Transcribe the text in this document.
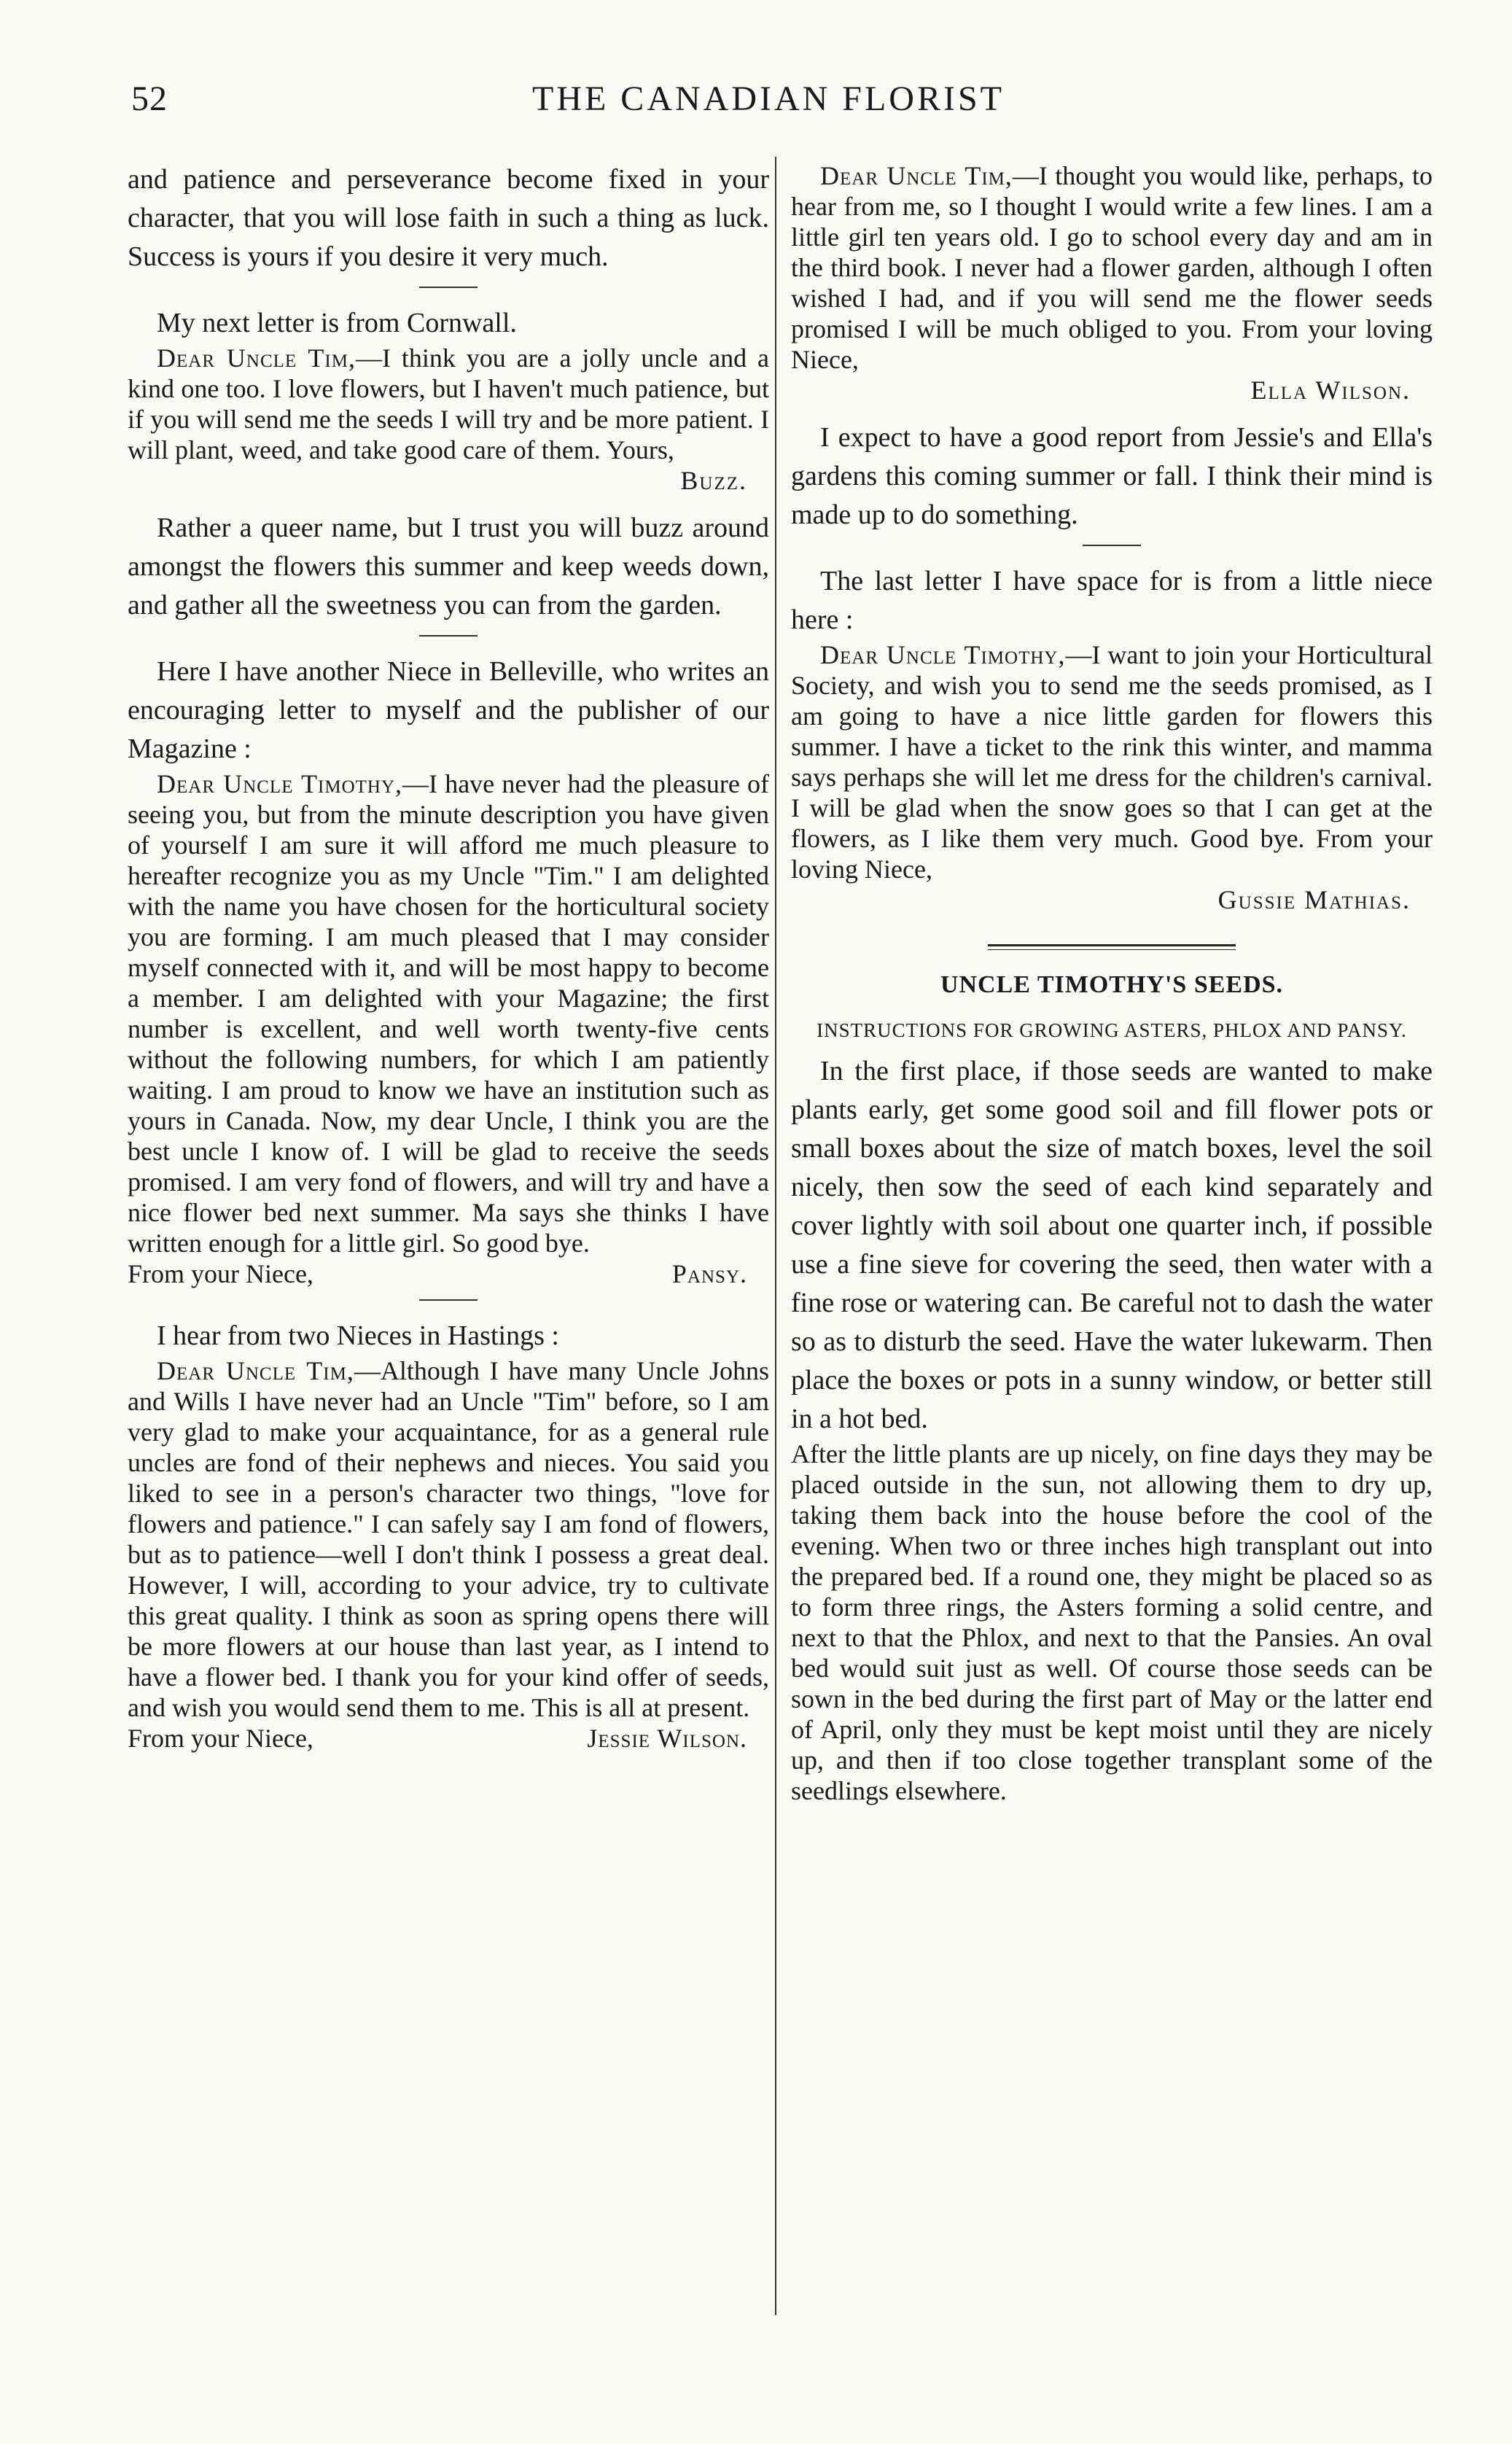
52	THE CANADIAN FLORIST

and patience and perseverance become fixed in your character, that you will lose faith in such a thing as luck. Success is yours if you desire it very much.

My next letter is from Cornwall.

Dear Uncle Tim,—I think you are a jolly uncle and a kind one too. I love flowers, but I haven't much patience, but if you will send me the seeds I will try and be more patient. I will plant, weed, and take good care of them. Yours,

Buzz.

Rather a queer name, but I trust you will buzz around amongst the flowers this summer and keep weeds down, and gather all the sweetness you can from the garden.

Here I have another Niece in Belleville, who writes an encouraging letter to myself and the publisher of our Magazine :

Dear Uncle Timothy,—I have never had the pleasure of seeing you, but from the minute description you have given of yourself I am sure it will afford me much pleasure to hereafter recognize you as my Uncle "Tim." I am delighted with the name you have chosen for the horticultural society you are forming. I am much pleased that I may consider myself connected with it, and will be most happy to become a member. I am delighted with your Magazine; the first number is excellent, and well worth twenty-five cents without the following numbers, for which I am patiently waiting. I am proud to know we have an institution such as yours in Canada. Now, my dear Uncle, I think you are the best uncle I know of. I will be glad to receive the seeds promised. I am very fond of flowers, and will try and have a nice flower bed next summer. Ma says she thinks I have written enough for a little girl. So good bye.

From your Niece,	Pansy.

I hear from two Nieces in Hastings :

Dear Uncle Tim,—Although I have many Uncle Johns and Wills I have never had an Uncle "Tim" before, so I am very glad to make your acquaintance, for as a general rule uncles are fond of their nephews and nieces. You said you liked to see in a person's character two things, "love for flowers and patience." I can safely say I am fond of flowers, but as to patience—well I don't think I possess a great deal. However, I will, according to your advice, try to cultivate this great quality. I think as soon as spring opens there will be more flowers at our house than last year, as I intend to have a flower bed. I thank you for your kind offer of seeds, and wish you would send them to me. This is all at present.

From your Niece,	Jessie Wilson.

Dear Uncle Tim,—I thought you would like, perhaps, to hear from me, so I thought I would write a few lines. I am a little girl ten years old. I go to school every day and am in the third book. I never had a flower garden, although I often wished I had, and if you will send me the flower seeds promised I will be much obliged to you. From your loving Niece,

Ella Wilson.

I expect to have a good report from Jessie's and Ella's gardens this coming summer or fall. I think their mind is made up to do something.

The last letter I have space for is from a little niece here :

Dear Uncle Timothy,—I want to join your Horticultural Society, and wish you to send me the seeds promised, as I am going to have a nice little garden for flowers this summer. I have a ticket to the rink this winter, and mamma says perhaps she will let me dress for the children's carnival. I will be glad when the snow goes so that I can get at the flowers, as I like them very much. Good bye. From your loving Niece,

Gussie Mathias.

UNCLE TIMOTHY'S SEEDS.
INSTRUCTIONS FOR GROWING ASTERS, PHLOX AND PANSY.

In the first place, if those seeds are wanted to make plants early, get some good soil and fill flower pots or small boxes about the size of match boxes, level the soil nicely, then sow the seed of each kind separately and cover lightly with soil about one quarter inch, if possible use a fine sieve for covering the seed, then water with a fine rose or watering can. Be careful not to dash the water so as to disturb the seed. Have the water lukewarm. Then place the boxes or pots in a sunny window, or better still in a hot bed.

After the little plants are up nicely, on fine days they may be placed outside in the sun, not allowing them to dry up, taking them back into the house before the cool of the evening. When two or three inches high transplant out into the prepared bed. If a round one, they might be placed so as to form three rings, the Asters forming a solid centre, and next to that the Phlox, and next to that the Pansies. An oval bed would suit just as well. Of course those seeds can be sown in the bed during the first part of May or the latter end of April, only they must be kept moist until they are nicely up, and then if too close together transplant some of the seedlings elsewhere.
